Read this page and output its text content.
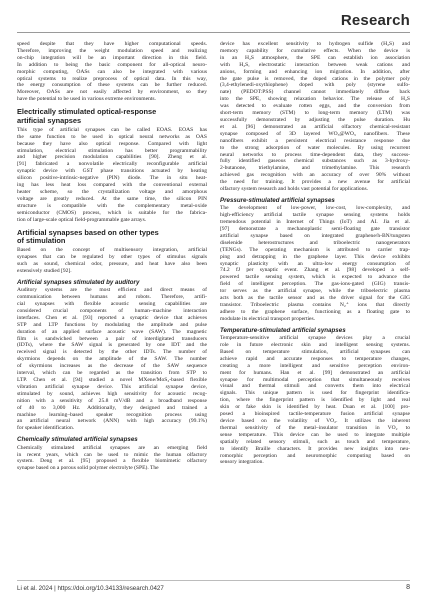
Research
speed despite that they have higher computational speeds.
Therefore, improving the weight modulation speed and realizing
on-chip integration will be an important direction in this field.
In addition to being the basic component for all-optical neuro-
morphic computing, OASs can also be integrated with various
optical systems to realize preprocess of optical data. In this way,
the energy consumption of these systems can be further reduced.
Moreover, OASs are not easily affected by environment, so they
have the potential to be used in various extreme environments.
Electrically stimulated optical-response
artificial synapses
This type of artificial synapses can be called EOAS. EOAS has
the same function to be used in optical neural networks as OAS
because they have also optical response. Compared with light
stimulation, electrical stimulation has better programmability
and higher precision modulation capabilities [90]. Zheng et al.
[91] fabricated a nonvolatile electrically reconfigurable artificial
synaptic device with GST phase transitions actuated by heating
silicon positive-intrinsic-negative (PIN) diode. The in situ heat-
ing has less heat loss compared with the conventional external
heater scheme, so the crystallization voltage and amorphous
voltage are greatly reduced. At the same time, the silicon PIN
structure is compatible with the complementary metal-oxide
semiconductor (CMOS) process, which is suitable for the fabrica-
tion of large-scale optical field-programmable gate arrays.
Artificial synapses based on other types
of stimulation
Based on the concept of multisensory integration, artificial
synapses that can be regulated by other types of stimulus signals
such as sound, chemical odor, pressure, and heat have also been
extensively studied [92].
Artificial synapses stimulated by auditory
Auditory systems are the most efficient and direct means of
communication between humans and robots. Therefore, artifi-
cial synapses with flexible acoustic sensing capabilities are
considered crucial components of human–machine interaction
interfaces. Chen et al. [93] reported a synaptic device that achieves
STP and LTP functions by modulating the amplitude and pulse
duration of an applied surface acoustic wave (SAW). The magnetic
film is sandwiched between a pair of interdigitated transducers
(IDTs), where the SAW signal is generated by one IDT and the
received signal is detected by the other IDTs. The number of
skyrmions depends on the amplitude of the SAW. The number
of skyrmions increases as the decrease of the SAW sequence
interval, which can be regarded as the transition from STP to
LTP. Chen et al. [94] studied a novel MXene/MoS₂-based flexible
vibration artificial synapse device. This artificial synapse device,
stimulated by sound, achieves high sensitivity for acoustic recog-
nition with a sensitivity of 25.8 mV/dB and a broadband response
of 40 to 3,000 Hz. Additionally, they designed and trained a
machine learning–based speaker recognition process using
an artificial neural network (ANN) with high accuracy (99.1%)
for speaker identification.
Chemically stimulated artificial synapses
Chemically stimulated artificial synapses are an emerging field
in recent years, which can be used to mimic the human olfactory
system. Deng et al. [95] proposed a flexible biomimetic olfactory
synapse based on a porous solid polymer electrolyte (SPE). The
device has excellent sensitivity to hydrogen sulfide (H₂S) and
memory capability for cumulative effects. When the device is
in an H₂S atmosphere, the SPE can establish ion association
with H₂S, electrostatic interaction between weak cations and
anions, forming and enhancing ion migration. In addition, after
the gate pulse is removed, the doped cations in the polymer poly
(3,4-ethylenedi-oxythiophene) doped with poly (styrene sulfo-
nate) (PEDOT:PSS) channel cannot immediately diffuse back
into the SPE, showing relaxation behavior. The release of H₂S
was detected to evaluate rotten eggs, and the conversion from
short-term memory (STM) to long-term memory (LTM) was
successfully demonstrated by adjusting the pulse duration. Hu
et al. [96] demonstrated an artificial olfactory chemical-resistant
synapse composed of 3D layered WO₃@WO₃ nanofibers. These
nanofibers exhibit a persistent electrical resistance response due
to the strong adsorption of water molecules. By using recurrent
neural networks to process time-dependent data, they success-
fully identified gaseous chemical substances such as 3-hydroxy-
2-butanone, triethylamine, and trimethylamine. This research
achieved gas recognition with an accuracy of over 90% without
the need for training. It provides a new avenue for artificial
olfactory system research and holds vast potential for applications.
Pressure-stimulated artificial synapses
The development of low-power, low-cost, low-complexity, and
high-efficiency artificial tactile synapse sensing systems holds
tremendous potential in Internet of Things (IoT) and AI. Jia et al.
[97] demonstrate a mechanoplastic semi-floating gate transistor
artificial synapse based on integrated graphene/h-BN/tungsten
diselenide heterostructures and triboelectric nanogenerators
(TENGs). The operating mechanism is attributed to carrier trap-
ping and detrapping in the graphene layer. This device exhibits
synaptic plasticity with an ultra-low energy consumption of
74.2 fJ per synaptic event. Zhang et al. [98] developed a self-
powered tactile sensing system, which is expected to advance the
field of intelligent perception. The gas-ions-gated (GIG) transis-
tor serves as the artificial synapse, while the triboelectric plasma
acts both as the tactile sensor and as the driver signal for the GIG
transistor. Triboelectric plasma contains N₂⁺ ions that directly
adhere to the graphene surface, functioning as a floating gate to
modulate its electrical transport properties.
Temperature-stimulated artificial synapses
Temperature-sensitive artificial synapse devices play a crucial
role in future electronic skin and intelligent sensing systems.
Based on temperature stimulation, artificial synapses can
achieve rapid and accurate responses to temperature changes,
creating a more intelligent and sensitive perception environ-
ment for humans. Han et al. [99] demonstrated an artificial
synapse for multimodal perception that simultaneously receives
visual and thermal stimuli and converts them into electrical
signals. This unique pattern is used for fingerprint identifica-
tion, where the fingerprint pattern is identified by light and real
skin or fake skin is identified by heat. Duan et al. [100] pro-
posed a bioinspired tactile-temperature fusion artificial synapse
device based on the volatility of VO₂. It utilizes the inherent
thermal sensitivity of the metal–insulator transition in VO₂ to
sense temperature. This device can be used to integrate multiple
spatially related sensory stimuli, such as touch and temperature,
to identify Braille characters. It provides new insights into neu-
romorphic perception and neuromorphic computing based on
sensory integration.
Li et al. 2024 | https://doi.org/10.34133/research.0427	8
